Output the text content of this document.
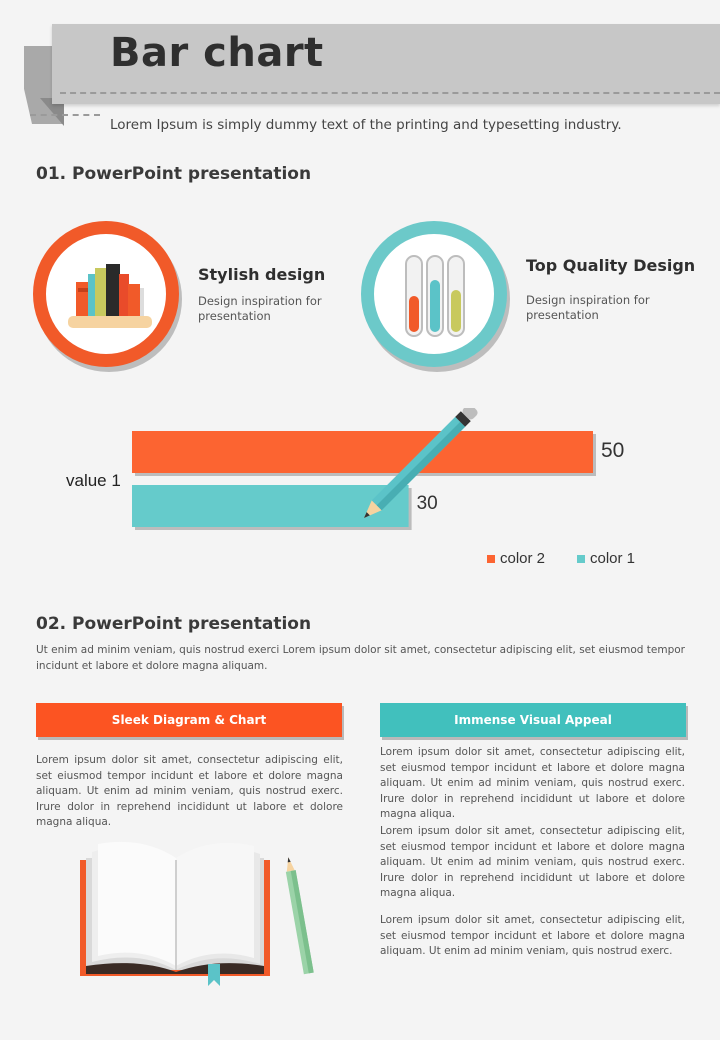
Bar chart
Lorem Ipsum is simply dummy text of the printing and typesetting industry.
01. PowerPoint presentation
Stylish design
Design inspiration for presentation
Top Quality Design
Design inspiration for presentation
value 1
50
30
color 2	color 1
02. PowerPoint presentation
Ut enim ad minim veniam, quis nostrud exerci Lorem ipsum dolor sit amet, consectetur adipiscing elit, set eiusmod tempor incidunt et labore et dolore magna aliquam.
Sleek Diagram & Chart
Lorem ipsum dolor sit amet, consectetur adipiscing elit, set eiusmod tempor incidunt et labore et dolore magna aliquam. Ut enim ad minim veniam, quis nostrud exerc. Irure dolor in reprehend incididunt ut labore et dolore magna aliqua.
Immense Visual Appeal
Lorem ipsum dolor sit amet, consectetur adipiscing elit, set eiusmod tempor incidunt et labore et dolore magna aliquam. Ut enim ad minim veniam, quis nostrud exerc. Irure dolor in reprehend incididunt ut labore et dolore magna aliqua.
Lorem ipsum dolor sit amet, consectetur adipiscing elit, set eiusmod tempor incidunt et labore et dolore magna aliquam. Ut enim ad minim veniam, quis nostrud exerc. Irure dolor in reprehend incididunt ut labore et dolore magna aliqua.
Lorem ipsum dolor sit amet, consectetur adipiscing elit, set eiusmod tempor incidunt et labore et dolore magna aliquam. Ut enim ad minim veniam, quis nostrud exerc.
